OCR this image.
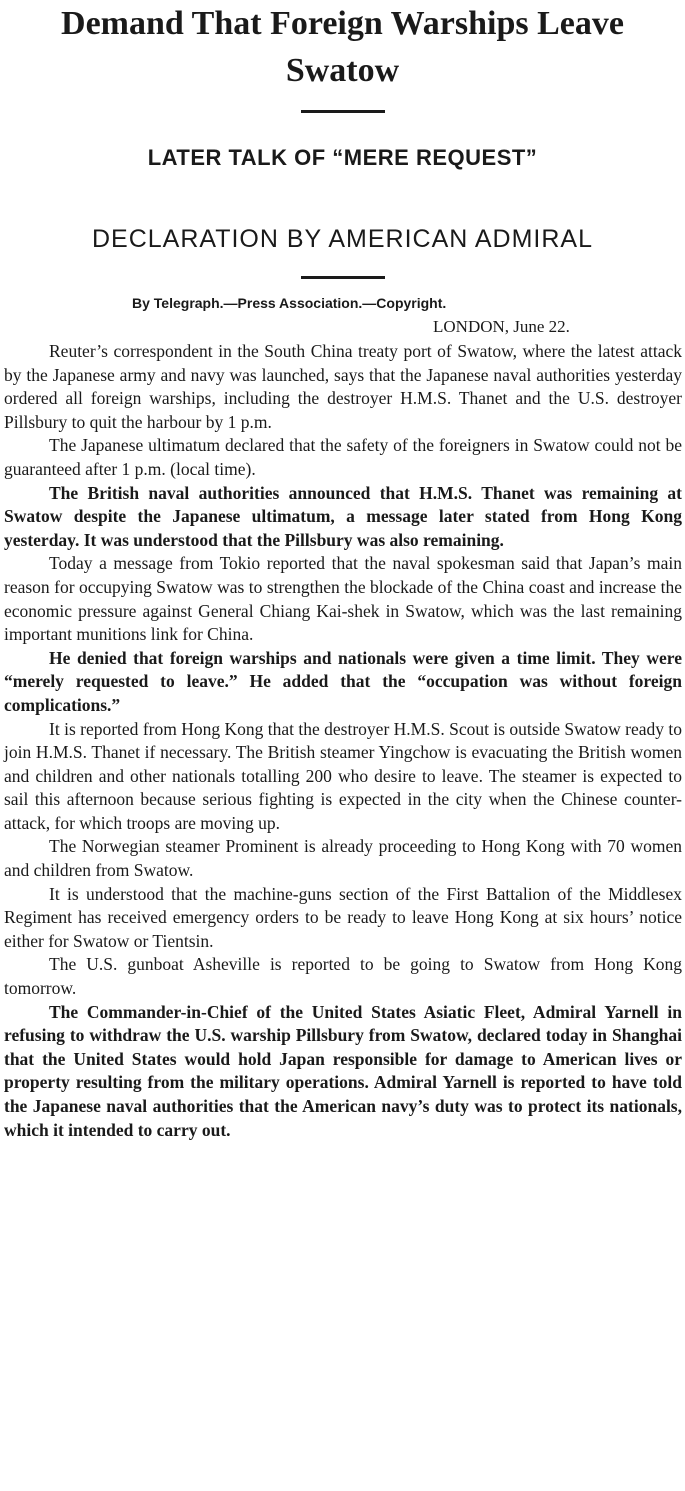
Demand That Foreign Warships Leave
Swatow
LATER TALK OF “MERE REQUEST”
DECLARATION BY AMERICAN ADMIRAL

By Telegraph.—Press Association.—Copyright.

LONDON, June 22.

Reuter’s correspondent in the South China treaty port of Swatow, where the latest attack by the Japanese army and navy was launched, says that the Japanese naval authorities yesterday ordered all foreign warships, including the destroyer H.M.S. Thanet and the U.S. destroyer Pillsbury to quit the harbour by 1 p.m.

The Japanese ultimatum declared that the safety of the foreigners in Swatow could not be guaranteed after 1 p.m. (local time).

The British naval authorities announced that H.M.S. Thanet was remaining at Swatow despite the Japanese ultimatum, a message later stated from Hong Kong yesterday. It was understood that the Pillsbury was also remaining.

Today a message from Tokio reported that the naval spokesman said that Japan’s main reason for occupying Swatow was to strengthen the blockade of the China coast and increase the economic pressure against General Chiang Kai-shek in Swatow, which was the last remaining important munitions link for China.

He denied that foreign warships and nationals were given a time limit. They were “merely requested to leave.” He added that the “occupation was without foreign complications.”

It is reported from Hong Kong that the destroyer H.M.S. Scout is outside Swatow ready to join H.M.S. Thanet if necessary. The British steamer Yingchow is evacuating the British women and children and other nationals totalling 200 who desire to leave. The steamer is expected to sail this afternoon because serious fighting is expected in the city when the Chinese counter-attack, for which troops are moving up.

The Norwegian steamer Prominent is already proceeding to Hong Kong with 70 women and children from Swatow.

It is understood that the machine-guns section of the First Battalion of the Middlesex Regiment has received emergency orders to be ready to leave Hong Kong at six hours’ notice either for Swatow or Tientsin.

The U.S. gunboat Asheville is reported to be going to Swatow from Hong Kong tomorrow.

The Commander-in-Chief of the United States Asiatic Fleet, Admiral Yarnell in refusing to withdraw the U.S. warship Pillsbury from Swatow, declared today in Shanghai that the United States would hold Japan responsible for damage to American lives or property resulting from the military operations. Admiral Yarnell is reported to have told the Japanese naval authorities that the American navy’s duty was to protect its nationals, which it intended to carry out.
